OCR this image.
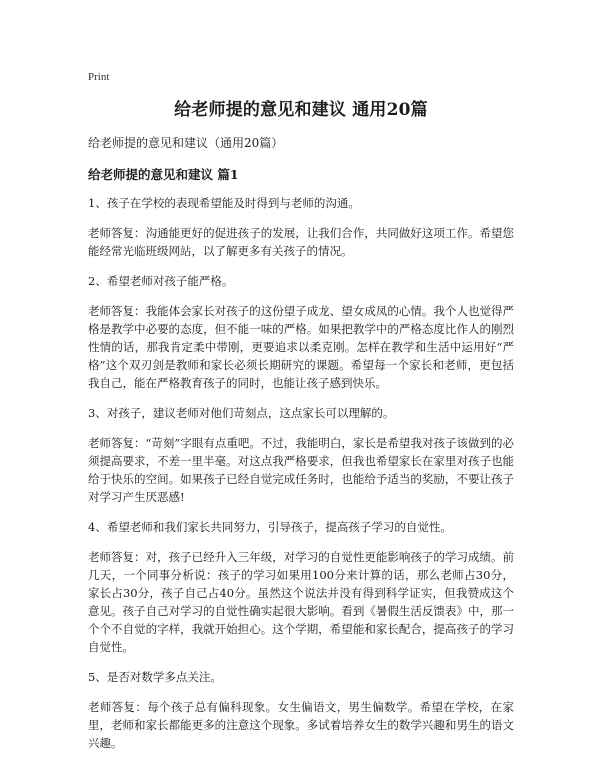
Print
给老师提的意见和建议 通用20篇
给老师提的意见和建议（通用20篇）
给老师提的意见和建议 篇1

1、孩子在学校的表现希望能及时得到与老师的沟通。

老师答复：沟通能更好的促进孩子的发展，让我们合作，共同做好这项工作。希望您能经常光临班级网站，以了解更多有关孩子的情况。

2、希望老师对孩子能严格。

老师答复：我能体会家长对孩子的这份望子成龙、望女成凤的心情。我个人也觉得严格是教学中必要的态度，但不能一味的严格。如果把教学中的严格态度比作人的刚烈性情的话，那我肯定柔中带刚，更要追求以柔克刚。怎样在教学和生活中运用好“严格”这个双刃剑是教师和家长必须长期研究的课题。希望每一个家长和老师，更包括我自己，能在严格教育孩子的同时，也能让孩子感到快乐。

3、对孩子，建议老师对他们苛刻点，这点家长可以理解的。

老师答复：“苛刻”字眼有点重吧。不过，我能明白，家长是希望我对孩子该做到的必须提高要求，不差一里半毫。对这点我严格要求，但我也希望家长在家里对孩子也能给于快乐的空间。如果孩子已经自觉完成任务时，也能给予适当的奖励，不要让孩子对学习产生厌恶感!

4、希望老师和我们家长共同努力，引导孩子，提高孩子学习的自觉性。

老师答复：对，孩子已经升入三年级，对学习的自觉性更能影响孩子的学习成绩。前几天，一个同事分析说：孩子的学习如果用100分来计算的话，那么老师占30分，家长占30分，孩子自己占40分。虽然这个说法并没有得到科学证实，但我赞成这个意见。孩子自己对学习的自觉性确实起很大影响。看到《暑假生活反馈表》中，那一个个不自觉的字样，我就开始担心。这个学期，希望能和家长配合，提高孩子的学习自觉性。

5、是否对数学多点关注。

老师答复：每个孩子总有偏科现象。女生偏语文，男生偏数学。希望在学校，在家里，老师和家长都能更多的注意这个现象。多试着培养女生的数学兴趣和男生的语文兴趣。
